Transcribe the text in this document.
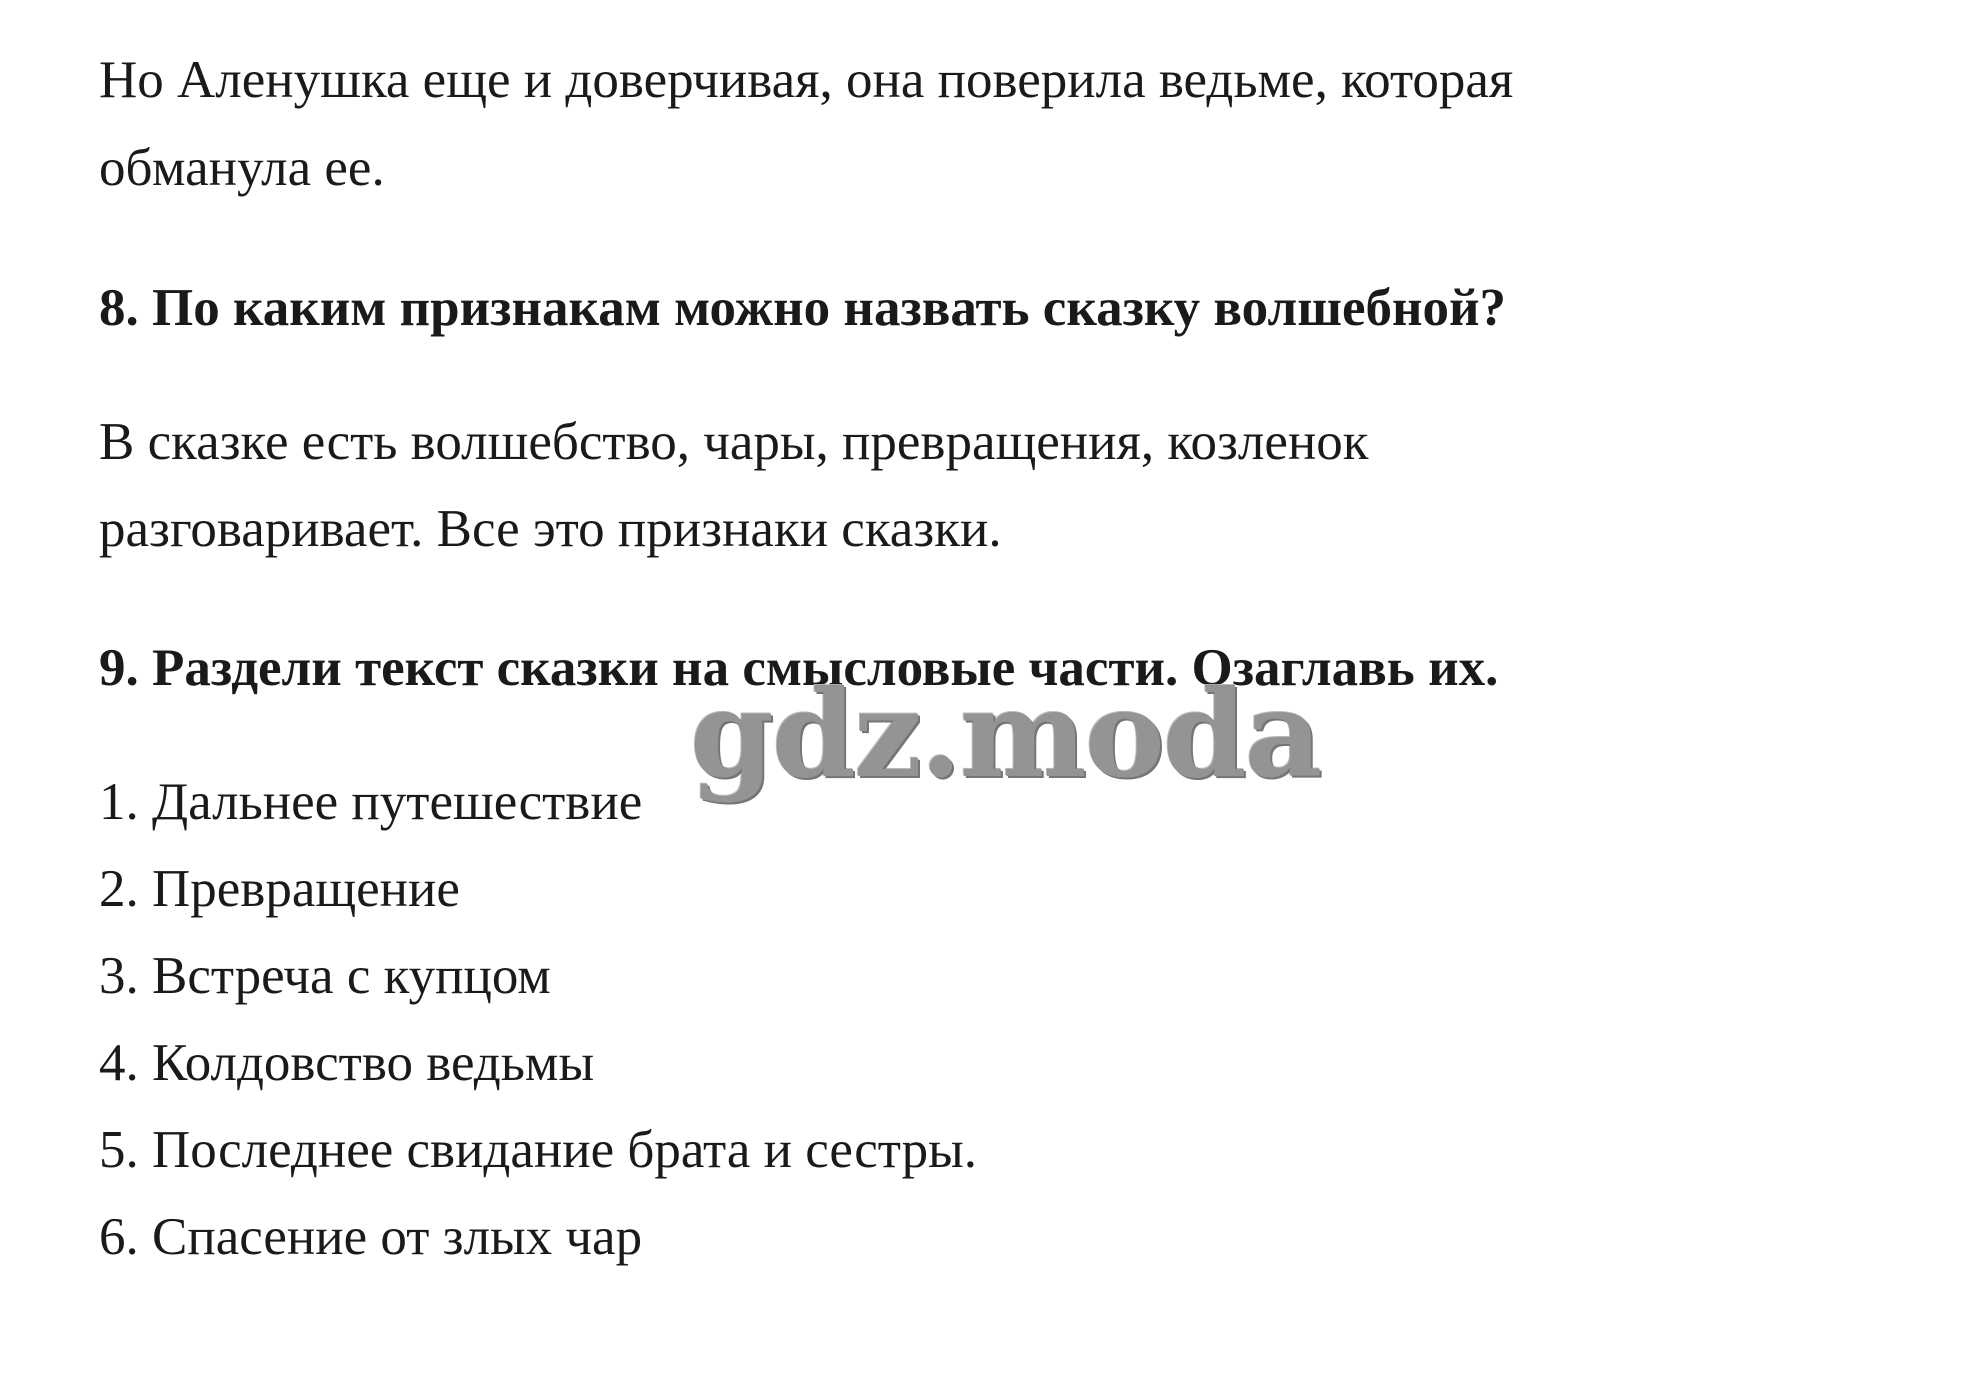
Но Аленушка еще и доверчивая, она поверила ведьме, которая

обманула ее.

8. По каким признакам можно назвать сказку волшебной?

В сказке есть волшебство, чары, превращения, козленок

разговаривает. Все это признаки сказки.

9. Раздели текст сказки на смысловые части. Озаглавь их.

1. Дальнее путешествие

2. Превращение

3. Встреча с купцом

4. Колдовство ведьмы

5. Последнее свидание брата и сестры.

6. Спасение от злых чар

gdz.moda
